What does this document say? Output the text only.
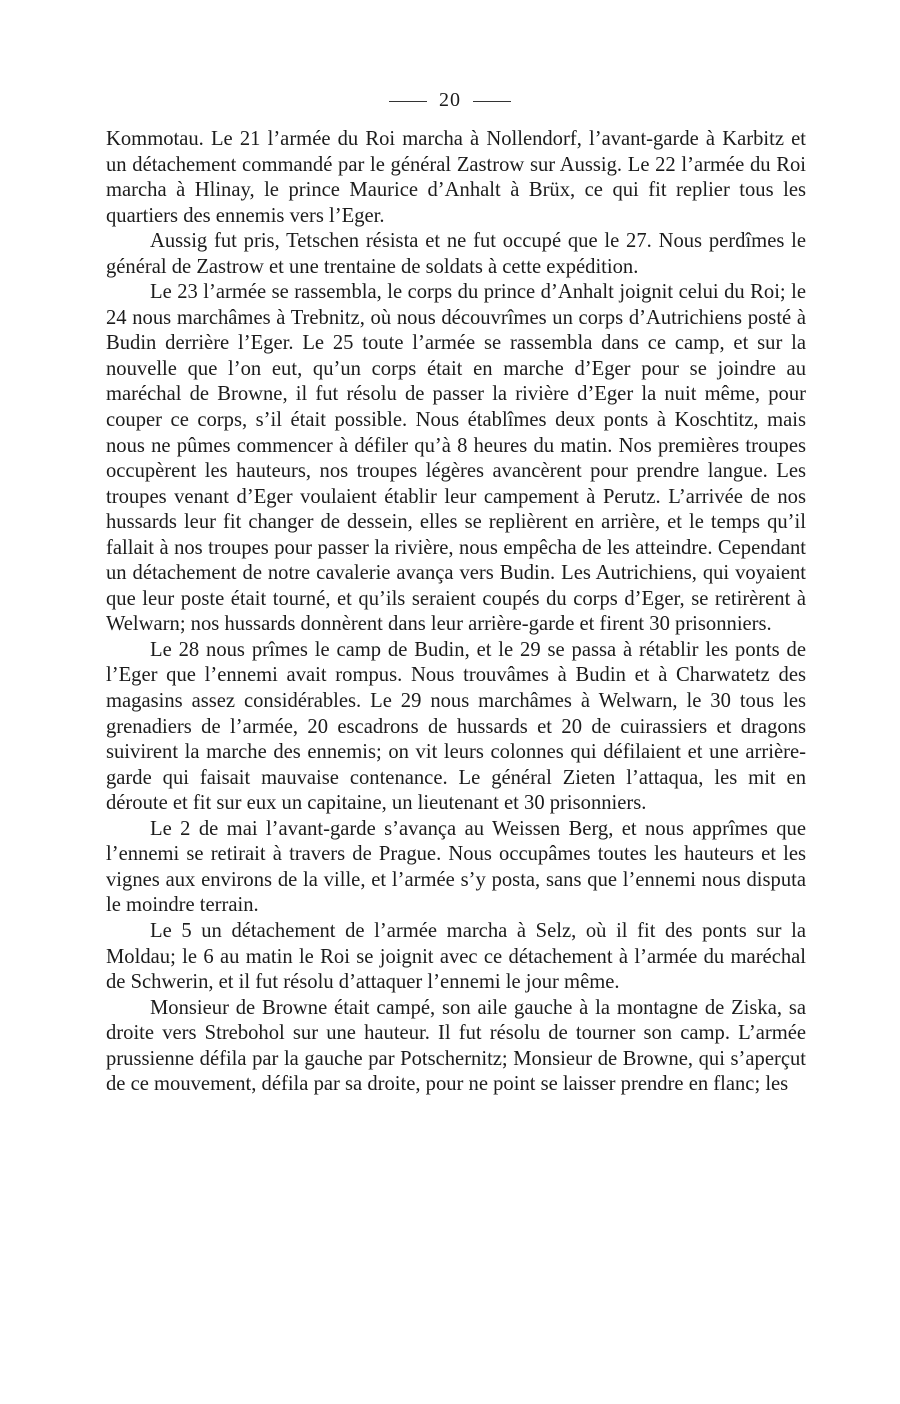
20

Kommotau. Le 21 l’armée du Roi marcha à Nollendorf, l’avant-garde à Karbitz et un détachement commandé par le général Zastrow sur Aussig. Le 22 l’armée du Roi marcha à Hlinay, le prince Maurice d’Anhalt à Brüx, ce qui fit replier tous les quartiers des ennemis vers l’Eger.

Aussig fut pris, Tetschen résista et ne fut occupé que le 27. Nous perdîmes le général de Zastrow et une trentaine de soldats à cette expédition.

Le 23 l’armée se rassembla, le corps du prince d’Anhalt joignit celui du Roi; le 24 nous marchâmes à Trebnitz, où nous découvrîmes un corps d’Autrichiens posté à Budin derrière l’Eger. Le 25 toute l’armée se rassembla dans ce camp, et sur la nouvelle que l’on eut, qu’un corps était en marche d’Eger pour se joindre au maréchal de Browne, il fut résolu de passer la rivière d’Eger la nuit même, pour couper ce corps, s’il était possible. Nous établîmes deux ponts à Koschtitz, mais nous ne pûmes commencer à défiler qu’à 8 heures du matin. Nos premières troupes occupèrent les hauteurs, nos troupes légères avancèrent pour prendre langue. Les troupes venant d’Eger voulaient établir leur campement à Perutz. L’arrivée de nos hussards leur fit changer de dessein, elles se replièrent en arrière, et le temps qu’il fallait à nos troupes pour passer la rivière, nous empêcha de les atteindre. Cependant un détachement de notre cavalerie avança vers Budin. Les Autrichiens, qui voyaient que leur poste était tourné, et qu’ils seraient coupés du corps d’Eger, se retirèrent à Welwarn; nos hussards donnèrent dans leur arrière-garde et firent 30 prisonniers.

Le 28 nous prîmes le camp de Budin, et le 29 se passa à rétablir les ponts de l’Eger que l’ennemi avait rompus. Nous trouvâmes à Budin et à Charwatetz des magasins assez considérables. Le 29 nous marchâmes à Welwarn, le 30 tous les grenadiers de l’armée, 20 escadrons de hussards et 20 de cuirassiers et dragons suivirent la marche des ennemis; on vit leurs colonnes qui défilaient et une arrière-garde qui faisait mauvaise contenance. Le général Zieten l’attaqua, les mit en déroute et fit sur eux un capitaine, un lieutenant et 30 prisonniers.

Le 2 de mai l’avant-garde s’avança au Weissen Berg, et nous apprîmes que l’ennemi se retirait à travers de Prague. Nous occupâmes toutes les hauteurs et les vignes aux environs de la ville, et l’armée s’y posta, sans que l’ennemi nous disputa le moindre terrain.

Le 5 un détachement de l’armée marcha à Selz, où il fit des ponts sur la Moldau; le 6 au matin le Roi se joignit avec ce détachement à l’armée du maréchal de Schwerin, et il fut résolu d’attaquer l’ennemi le jour même.

Monsieur de Browne était campé, son aile gauche à la montagne de Ziska, sa droite vers Strebohol sur une hauteur. Il fut résolu de tourner son camp. L’armée prussienne défila par la gauche par Potschernitz; Monsieur de Browne, qui s’aperçut de ce mouvement, défila par sa droite, pour ne point se laisser prendre en flanc; les
